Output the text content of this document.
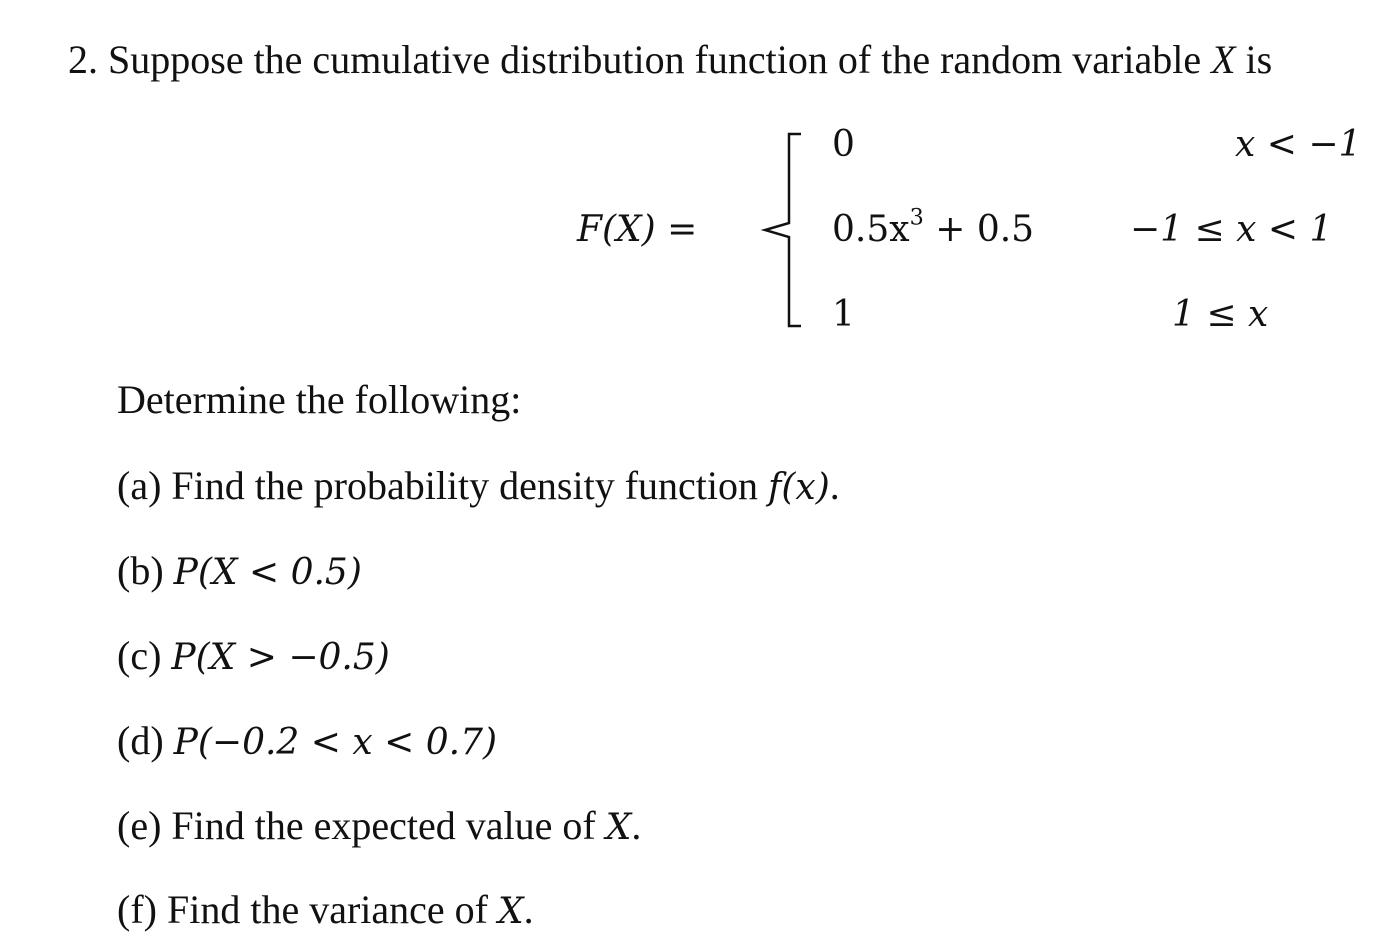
2. Suppose the cumulative distribution function of the random variable X is
F(X) =
0	x < −1
$0.5x^3 + 0.5$	−1 ≤ x < 1
1	1 ≤ x
Determine the following:
(a) Find the probability density function f(x).
(b) P(X < 0.5)
(c) P(X > −0.5)
(d) P(−0.2 < x < 0.7)
(e) Find the expected value of X.
(f) Find the variance of X.
